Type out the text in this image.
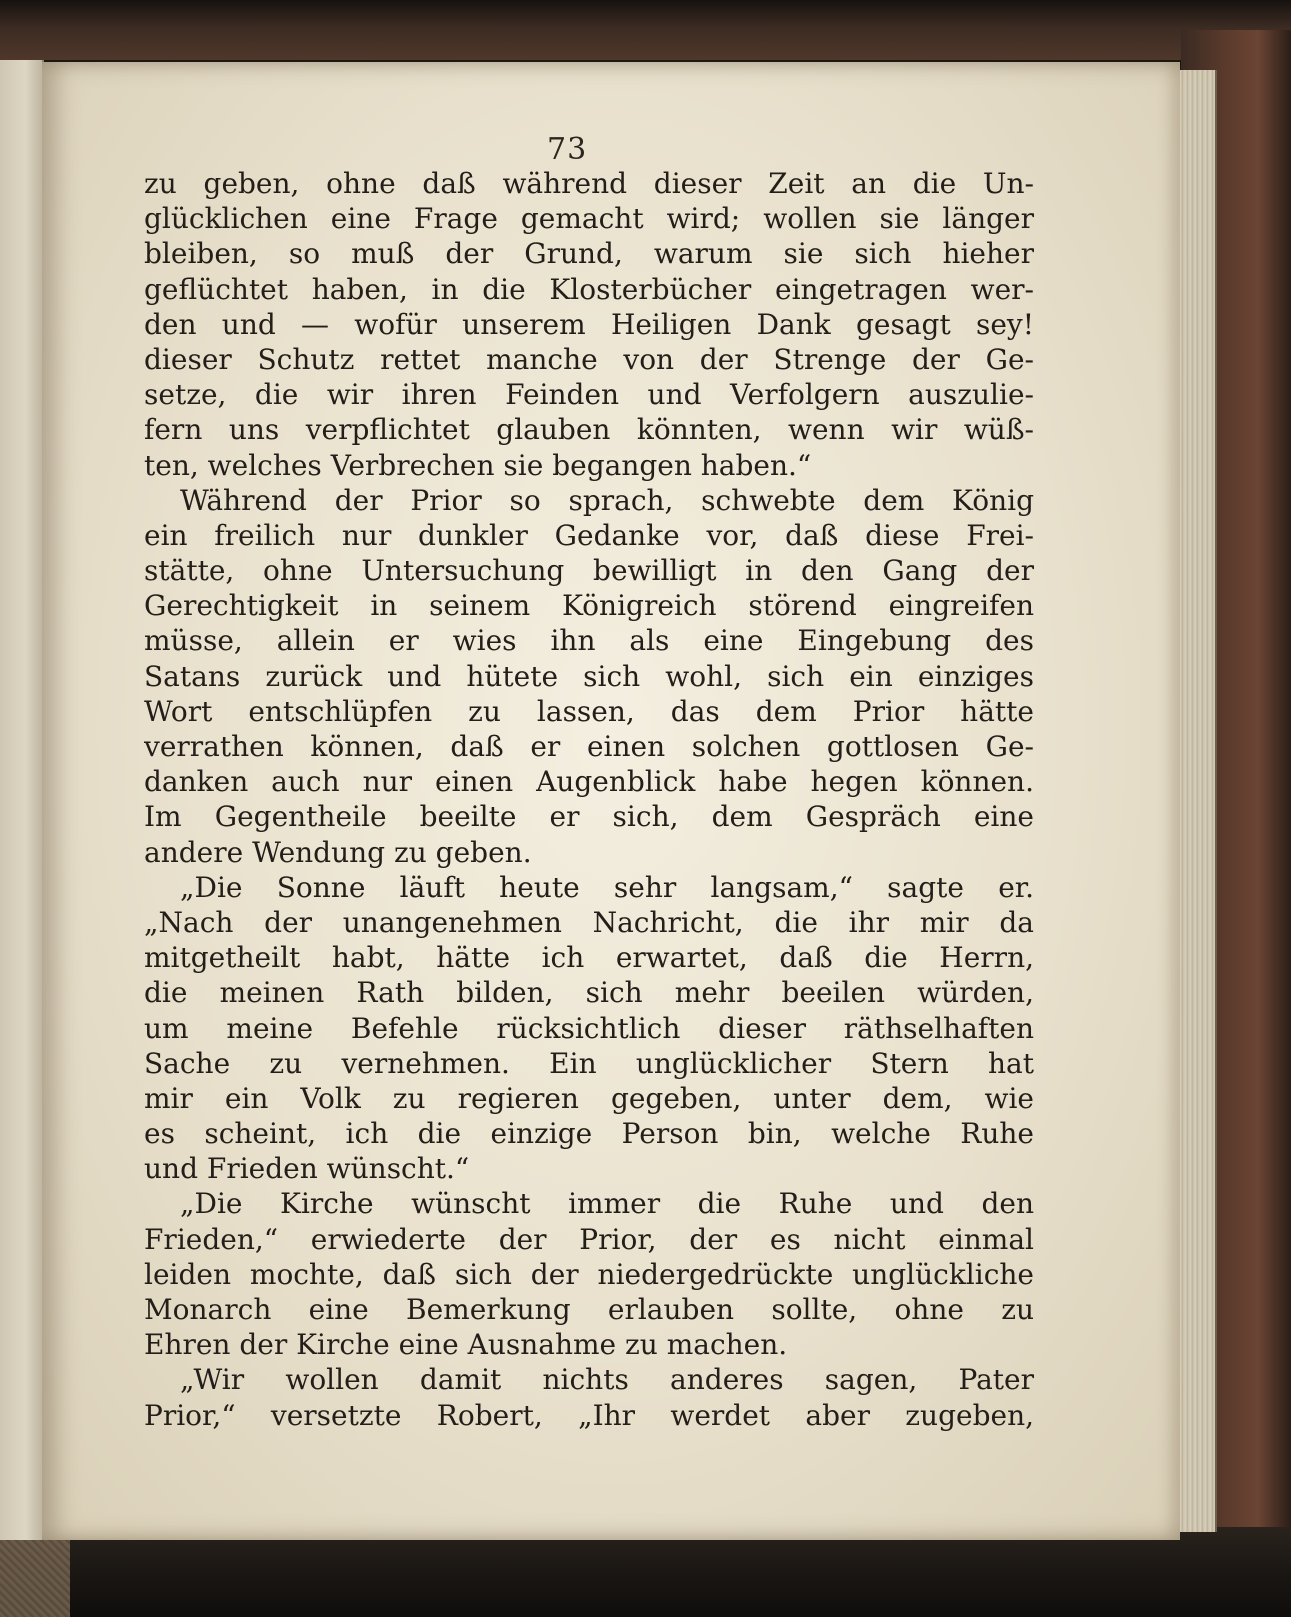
73
zu geben, ohne daß während dieser Zeit an die Un-
glücklichen eine Frage gemacht wird; wollen sie länger
bleiben, so muß der Grund, warum sie sich hieher
geflüchtet haben, in die Klosterbücher eingetragen wer-
den und — wofür unserem Heiligen Dank gesagt sey!
dieser Schutz rettet manche von der Strenge der Ge-
setze, die wir ihren Feinden und Verfolgern auszulie-
fern uns verpflichtet glauben könnten, wenn wir wüß-
ten, welches Verbrechen sie begangen haben.“
Während der Prior so sprach, schwebte dem König
ein freilich nur dunkler Gedanke vor, daß diese Frei-
stätte, ohne Untersuchung bewilligt in den Gang der
Gerechtigkeit in seinem Königreich störend eingreifen
müsse, allein er wies ihn als eine Eingebung des
Satans zurück und hütete sich wohl, sich ein einziges
Wort entschlüpfen zu lassen, das dem Prior hätte
verrathen können, daß er einen solchen gottlosen Ge-
danken auch nur einen Augenblick habe hegen können.
Im Gegentheile beeilte er sich, dem Gespräch eine
andere Wendung zu geben.
„Die Sonne läuft heute sehr langsam,“ sagte er.
„Nach der unangenehmen Nachricht, die ihr mir da
mitgetheilt habt, hätte ich erwartet, daß die Herrn,
die meinen Rath bilden, sich mehr beeilen würden,
um meine Befehle rücksichtlich dieser räthselhaften
Sache zu vernehmen. Ein unglücklicher Stern hat
mir ein Volk zu regieren gegeben, unter dem, wie
es scheint, ich die einzige Person bin, welche Ruhe
und Frieden wünscht.“
„Die Kirche wünscht immer die Ruhe und den
Frieden,“ erwiederte der Prior, der es nicht einmal
leiden mochte, daß sich der niedergedrückte unglückliche
Monarch eine Bemerkung erlauben sollte, ohne zu
Ehren der Kirche eine Ausnahme zu machen.
„Wir wollen damit nichts anderes sagen, Pater
Prior,“ versetzte Robert, „Ihr werdet aber zugeben,
